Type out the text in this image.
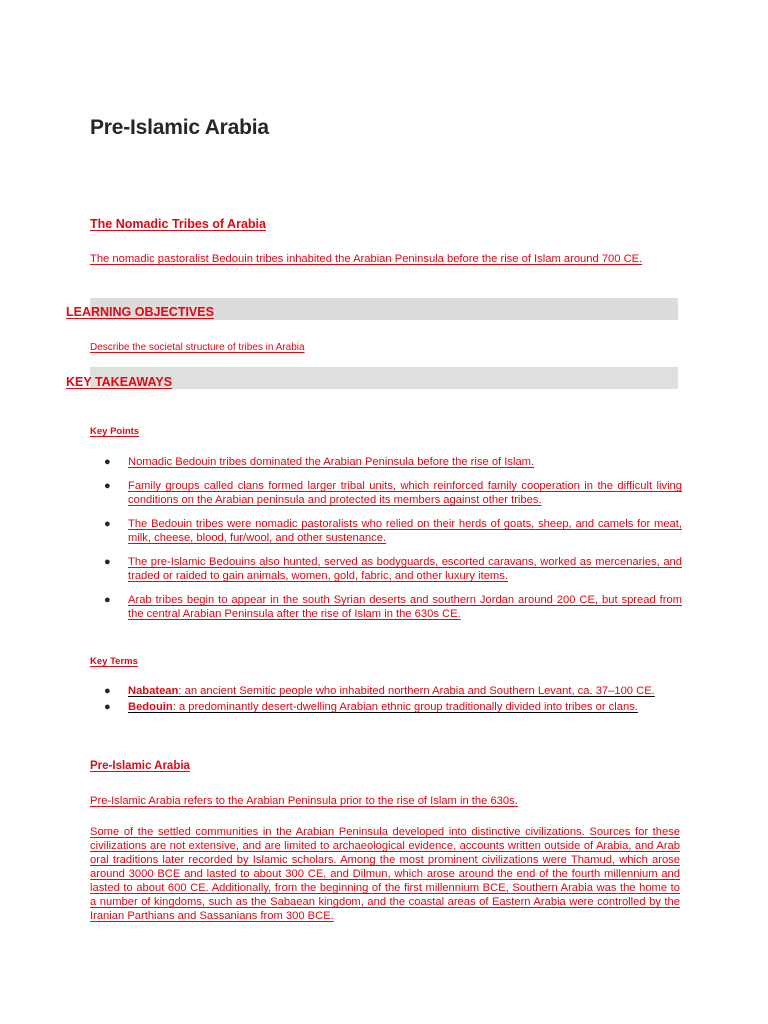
Pre-Islamic Arabia
The Nomadic Tribes of Arabia

The nomadic pastoralist Bedouin tribes inhabited the Arabian Peninsula before the rise of Islam around 700 CE.

LEARNING OBJECTIVES

Describe the societal structure of tribes in Arabia

KEY TAKEAWAYS

Key Points

● Nomadic Bedouin tribes dominated the Arabian Peninsula before the rise of Islam.
● Family groups called clans formed larger tribal units, which reinforced family cooperation in the difficult living conditions on the Arabian peninsula and protected its members against other tribes.
● The Bedouin tribes were nomadic pastoralists who relied on their herds of goats, sheep, and camels for meat, milk, cheese, blood, fur/wool, and other sustenance.
● The pre-Islamic Bedouins also hunted, served as bodyguards, escorted caravans, worked as mercenaries, and traded or raided to gain animals, women, gold, fabric, and other luxury items.
● Arab tribes begin to appear in the south Syrian deserts and southern Jordan around 200 CE, but spread from the central Arabian Peninsula after the rise of Islam in the 630s CE.

Key Terms

● Nabatean: an ancient Semitic people who inhabited northern Arabia and Southern Levant, ca. 37–100 CE.
● Bedouin: a predominantly desert-dwelling Arabian ethnic group traditionally divided into tribes or clans.
Pre-Islamic Arabia

Pre-Islamic Arabia refers to the Arabian Peninsula prior to the rise of Islam in the 630s.

Some of the settled communities in the Arabian Peninsula developed into distinctive civilizations. Sources for these civilizations are not extensive, and are limited to archaeological evidence, accounts written outside of Arabia, and Arab oral traditions later recorded by Islamic scholars. Among the most prominent civilizations were Thamud, which arose around 3000 BCE and lasted to about 300 CE, and Dilmun, which arose around the end of the fourth millennium and lasted to about 600 CE. Additionally, from the beginning of the first millennium BCE, Southern Arabia was the home to a number of kingdoms, such as the Sabaean kingdom, and the coastal areas of Eastern Arabia were controlled by the Iranian Parthians and Sassanians from 300 BCE.
